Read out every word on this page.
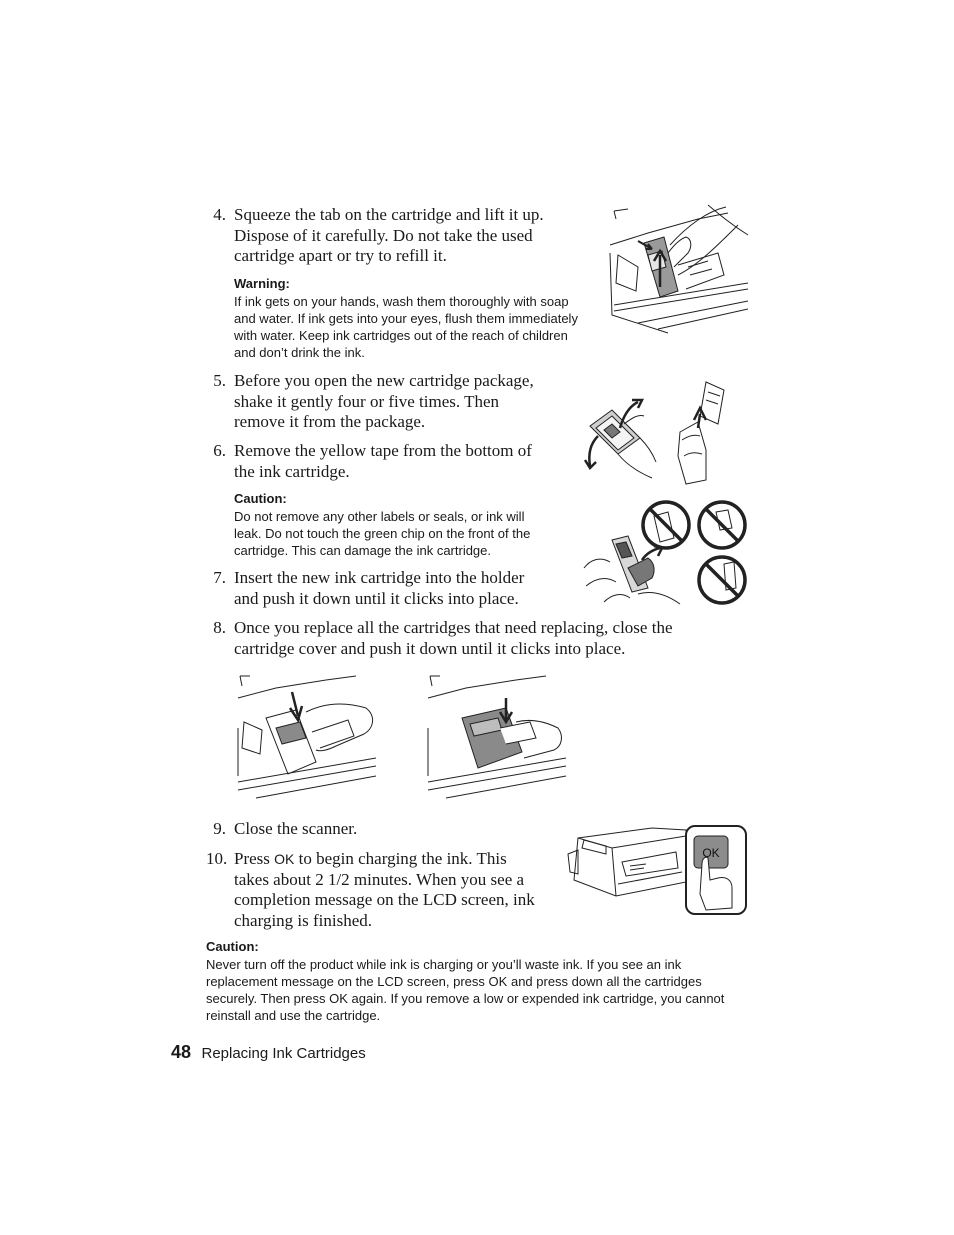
4. Squeeze the tab on the cartridge and lift it up. Dispose of it carefully. Do not take the used cartridge apart or try to refill it.
Warning:
If ink gets on your hands, wash them thoroughly with soap and water. If ink gets into your eyes, flush them immediately with water. Keep ink cartridges out of the reach of children and don’t drink the ink.
5. Before you open the new cartridge package, shake it gently four or five times. Then remove it from the package.
6. Remove the yellow tape from the bottom of the ink cartridge.
Caution:
Do not remove any other labels or seals, or ink will leak. Do not touch the green chip on the front of the cartridge. This can damage the ink cartridge.
7. Insert the new ink cartridge into the holder and push it down until it clicks into place.
8. Once you replace all the cartridges that need replacing, close the cartridge cover and push it down until it clicks into place.
9. Close the scanner.
10. Press OK to begin charging the ink. This takes about 2 1/2 minutes. When you see a completion message on the LCD screen, ink charging is finished.
Caution:
Never turn off the product while ink is charging or you’ll waste ink. If you see an ink replacement message on the LCD screen, press OK and press down all the cartridges securely. Then press OK again. If you remove a low or expended ink cartridge, you cannot reinstall and use the cartridge.
48 Replacing Ink Cartridges
OK
